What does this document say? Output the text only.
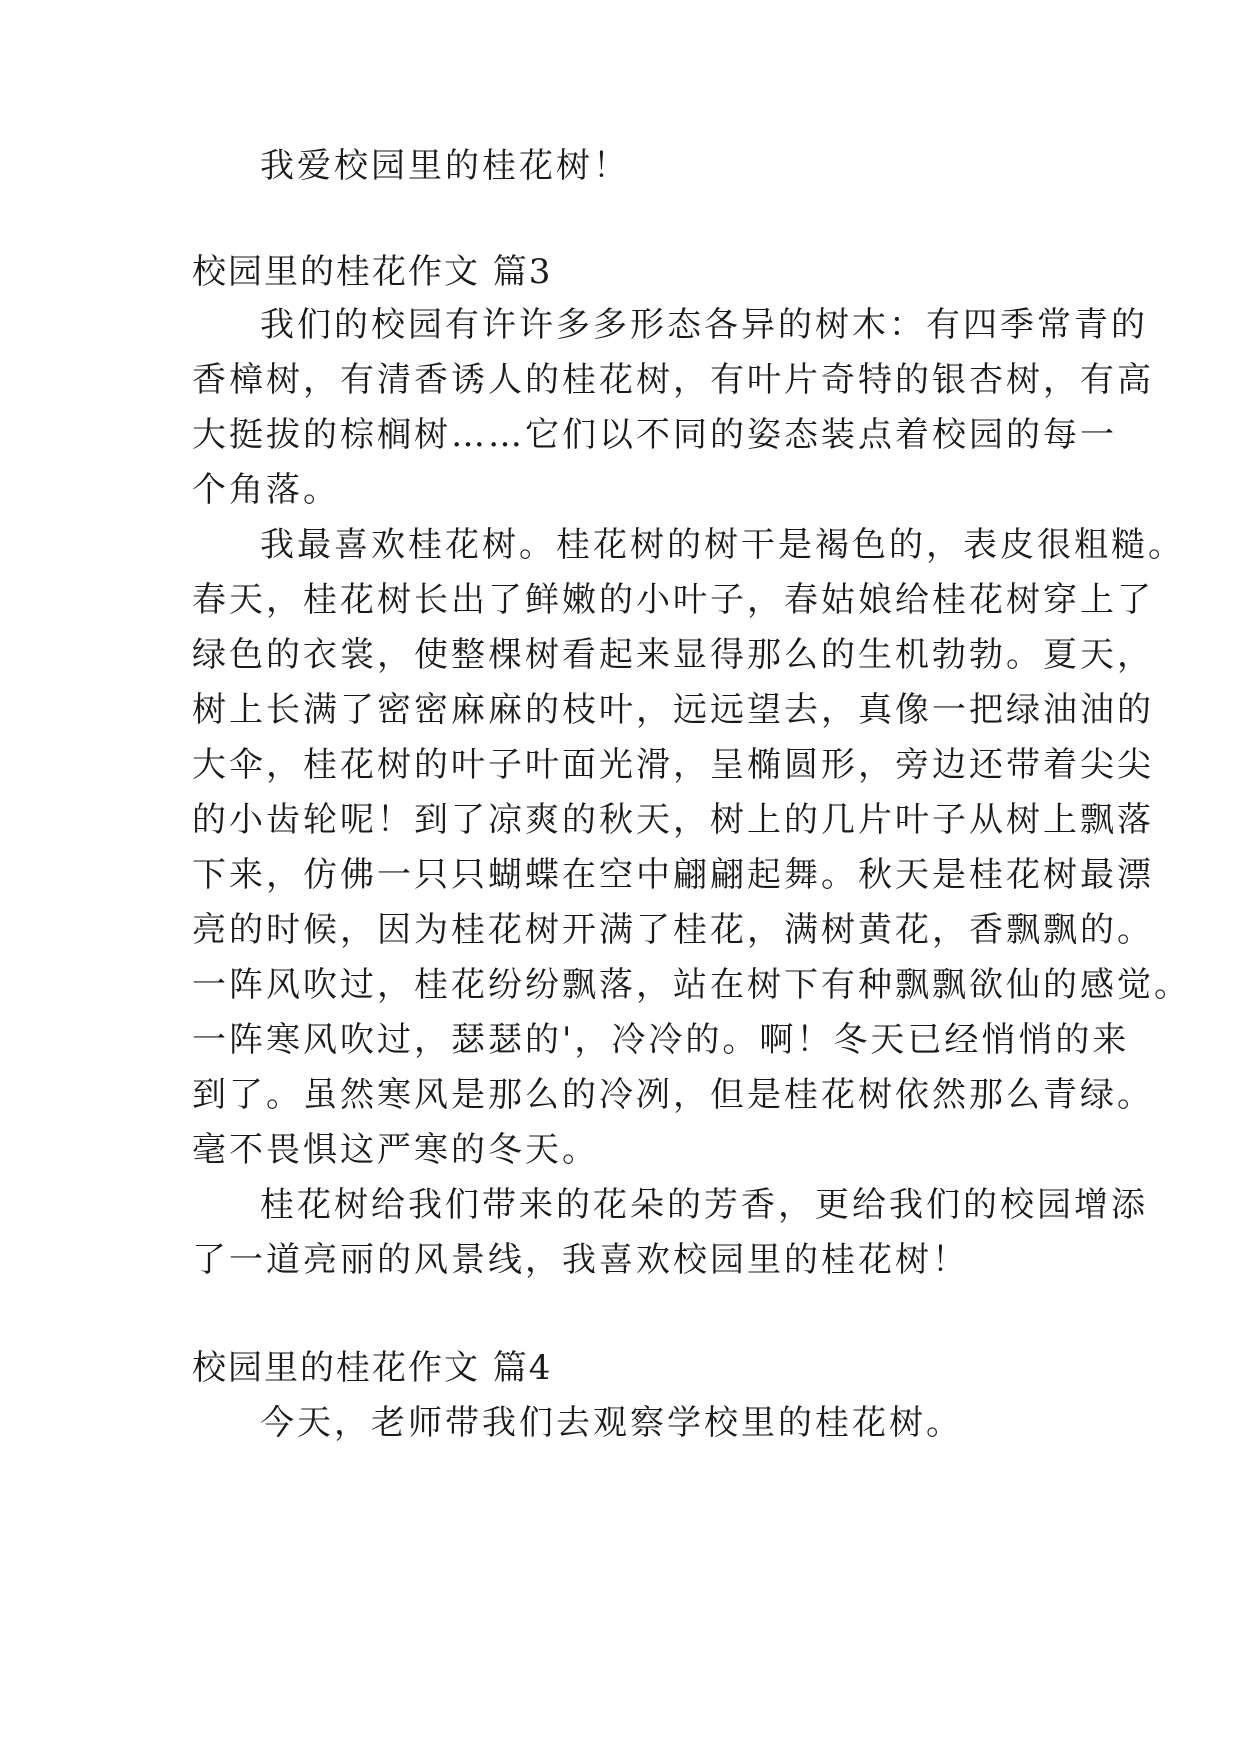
我爱校园里的桂花树！
校园里的桂花作文 篇3
我们的校园有许许多多形态各异的树木：有四季常青的
香樟树，有清香诱人的桂花树，有叶片奇特的银杏树，有高
大挺拔的棕榈树……它们以不同的姿态装点着校园的每一
个角落。
我最喜欢桂花树。桂花树的树干是褐色的，表皮很粗糙。
春天，桂花树长出了鲜嫩的小叶子，春姑娘给桂花树穿上了
绿色的衣裳，使整棵树看起来显得那么的生机勃勃。夏天，
树上长满了密密麻麻的枝叶，远远望去，真像一把绿油油的
大伞，桂花树的叶子叶面光滑，呈椭圆形，旁边还带着尖尖
的小齿轮呢！到了凉爽的秋天，树上的几片叶子从树上飘落
下来，仿佛一只只蝴蝶在空中翩翩起舞。秋天是桂花树最漂
亮的时候，因为桂花树开满了桂花，满树黄花，香飘飘的。
一阵风吹过，桂花纷纷飘落，站在树下有种飘飘欲仙的感觉。
一阵寒风吹过，瑟瑟的'，冷冷的。啊！冬天已经悄悄的来
到了。虽然寒风是那么的冷冽，但是桂花树依然那么青绿。
毫不畏惧这严寒的冬天。
桂花树给我们带来的花朵的芳香，更给我们的校园增添
了一道亮丽的风景线，我喜欢校园里的桂花树！
校园里的桂花作文 篇4
今天，老师带我们去观察学校里的桂花树。
